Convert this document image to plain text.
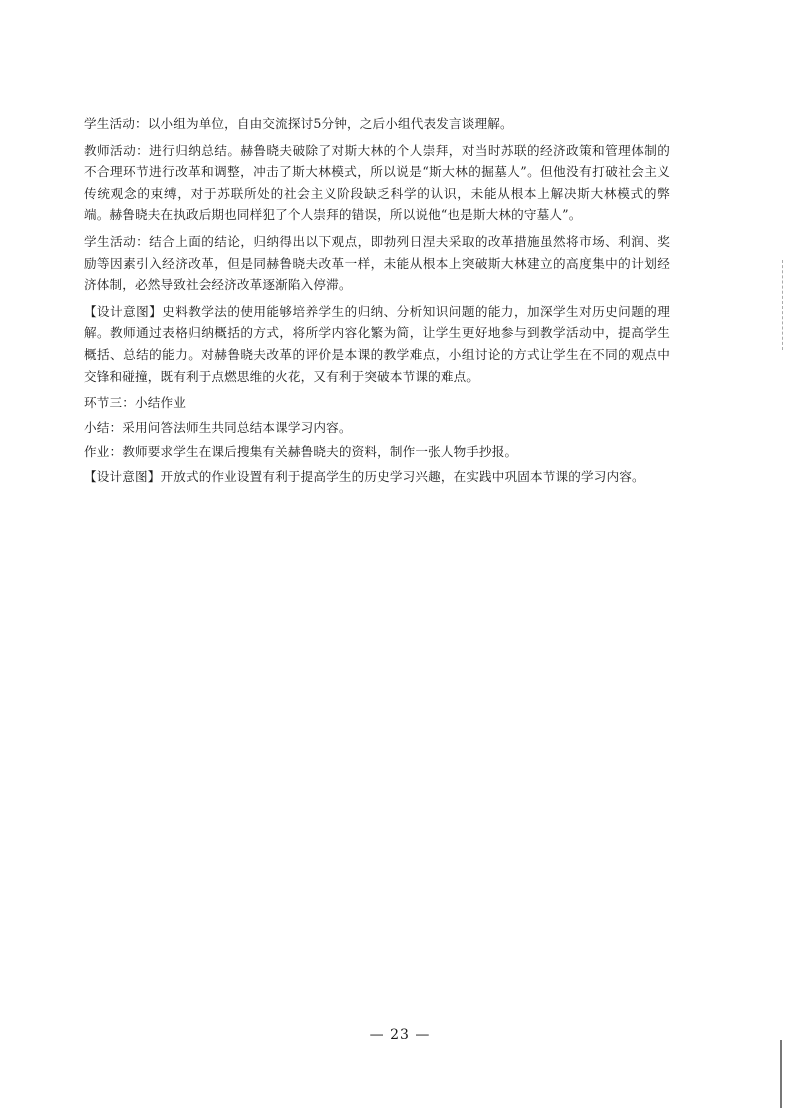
学生活动：以小组为单位，自由交流探讨5分钟，之后小组代表发言谈理解。

教师活动：进行归纳总结。赫鲁晓夫破除了对斯大林的个人崇拜，对当时苏联的经济政策和管理体制的不合理环节进行改革和调整，冲击了斯大林模式，所以说是“斯大林的掘墓人”。但他没有打破社会主义传统观念的束缚，对于苏联所处的社会主义阶段缺乏科学的认识，未能从根本上解决斯大林模式的弊端。赫鲁晓夫在执政后期也同样犯了个人崇拜的错误，所以说他“也是斯大林的守墓人”。

学生活动：结合上面的结论，归纳得出以下观点，即勃列日涅夫采取的改革措施虽然将市场、利润、奖励等因素引入经济改革，但是同赫鲁晓夫改革一样，未能从根本上突破斯大林建立的高度集中的计划经济体制，必然导致社会经济改革逐渐陷入停滞。

【设计意图】史料教学法的使用能够培养学生的归纳、分析知识问题的能力，加深学生对历史问题的理解。教师通过表格归纳概括的方式，将所学内容化繁为简，让学生更好地参与到教学活动中，提高学生概括、总结的能力。对赫鲁晓夫改革的评价是本课的教学难点，小组讨论的方式让学生在不同的观点中交锋和碰撞，既有利于点燃思维的火花，又有利于突破本节课的难点。

环节三：小结作业

小结：采用问答法师生共同总结本课学习内容。

作业：教师要求学生在课后搜集有关赫鲁晓夫的资料，制作一张人物手抄报。

【设计意图】开放式的作业设置有利于提高学生的历史学习兴趣，在实践中巩固本节课的学习内容。

— 23 —
